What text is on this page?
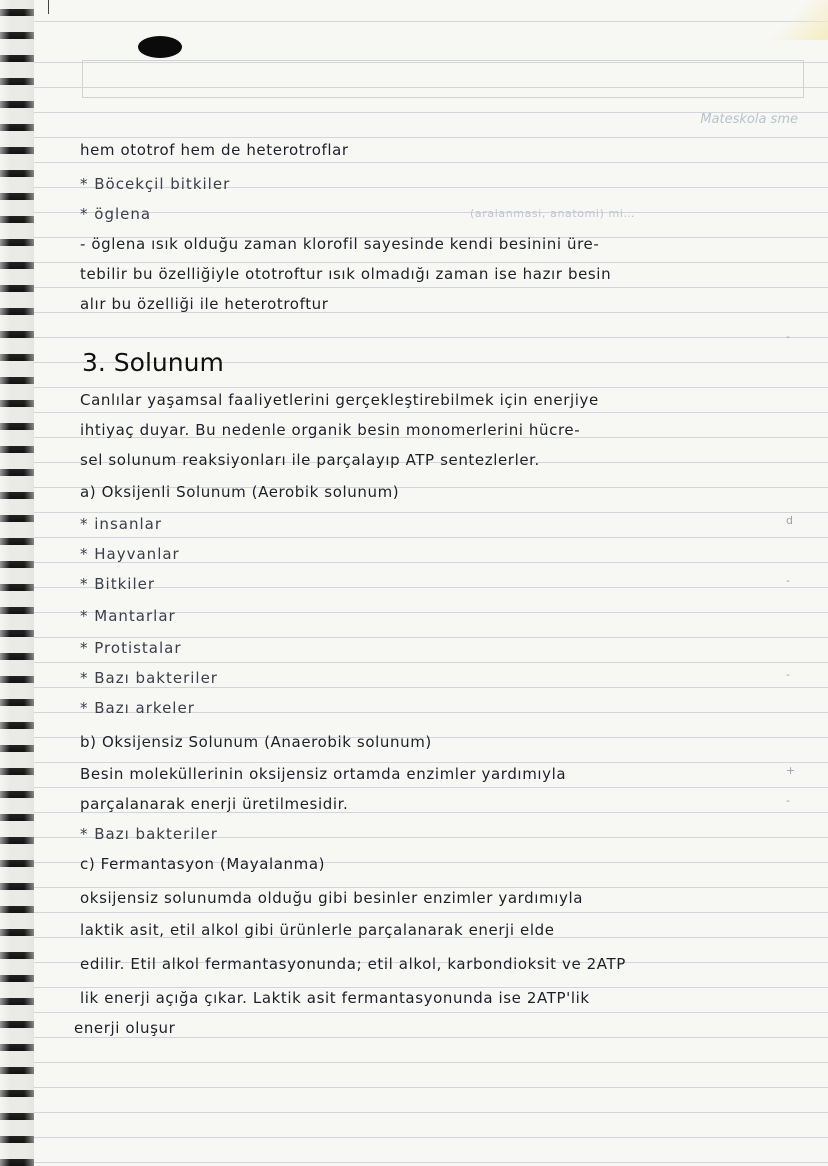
Mateskola sme
hem ototrof hem de heterotroflar
* Böcekçil bitkiler
* öglena	(aralanmasi, anatomi) mi…
- öglena ısık olduğu zaman klorofil sayesinde kendi besinini üre-
tebilir bu özelliğiyle ototroftur ısık olmadığı zaman ise hazır besin
alır bu özelliği ile heterotroftur
3. Solunum
Canlılar yaşamsal faaliyetlerini gerçekleştirebilmek için enerjiye
ihtiyaç duyar. Bu nedenle organik besin monomerlerini hücre-
sel solunum reaksiyonları ile parçalayıp ATP sentezlerler.
a) Oksijenli Solunum (Aerobik solunum)
* insanlar
* Hayvanlar
* Bitkiler
* Mantarlar
* Protistalar
* Bazı bakteriler
* Bazı arkeler
b) Oksijensiz Solunum (Anaerobik solunum)
Besin moleküllerinin oksijensiz ortamda enzimler yardımıyla
parçalanarak enerji üretilmesidir.
* Bazı bakteriler
c) Fermantasyon (Mayalanma)
oksijensiz solunumda olduğu gibi besinler enzimler yardımıyla
laktik asit, etil alkol gibi ürünlerle parçalanarak enerji elde
edilir. Etil alkol fermantasyonunda; etil alkol, karbondioksit ve 2ATP
lik enerji açığa çıkar. Laktik asit fermantasyonunda ise 2ATP'lik
enerji oluşur
d
-
-
-
+
-
